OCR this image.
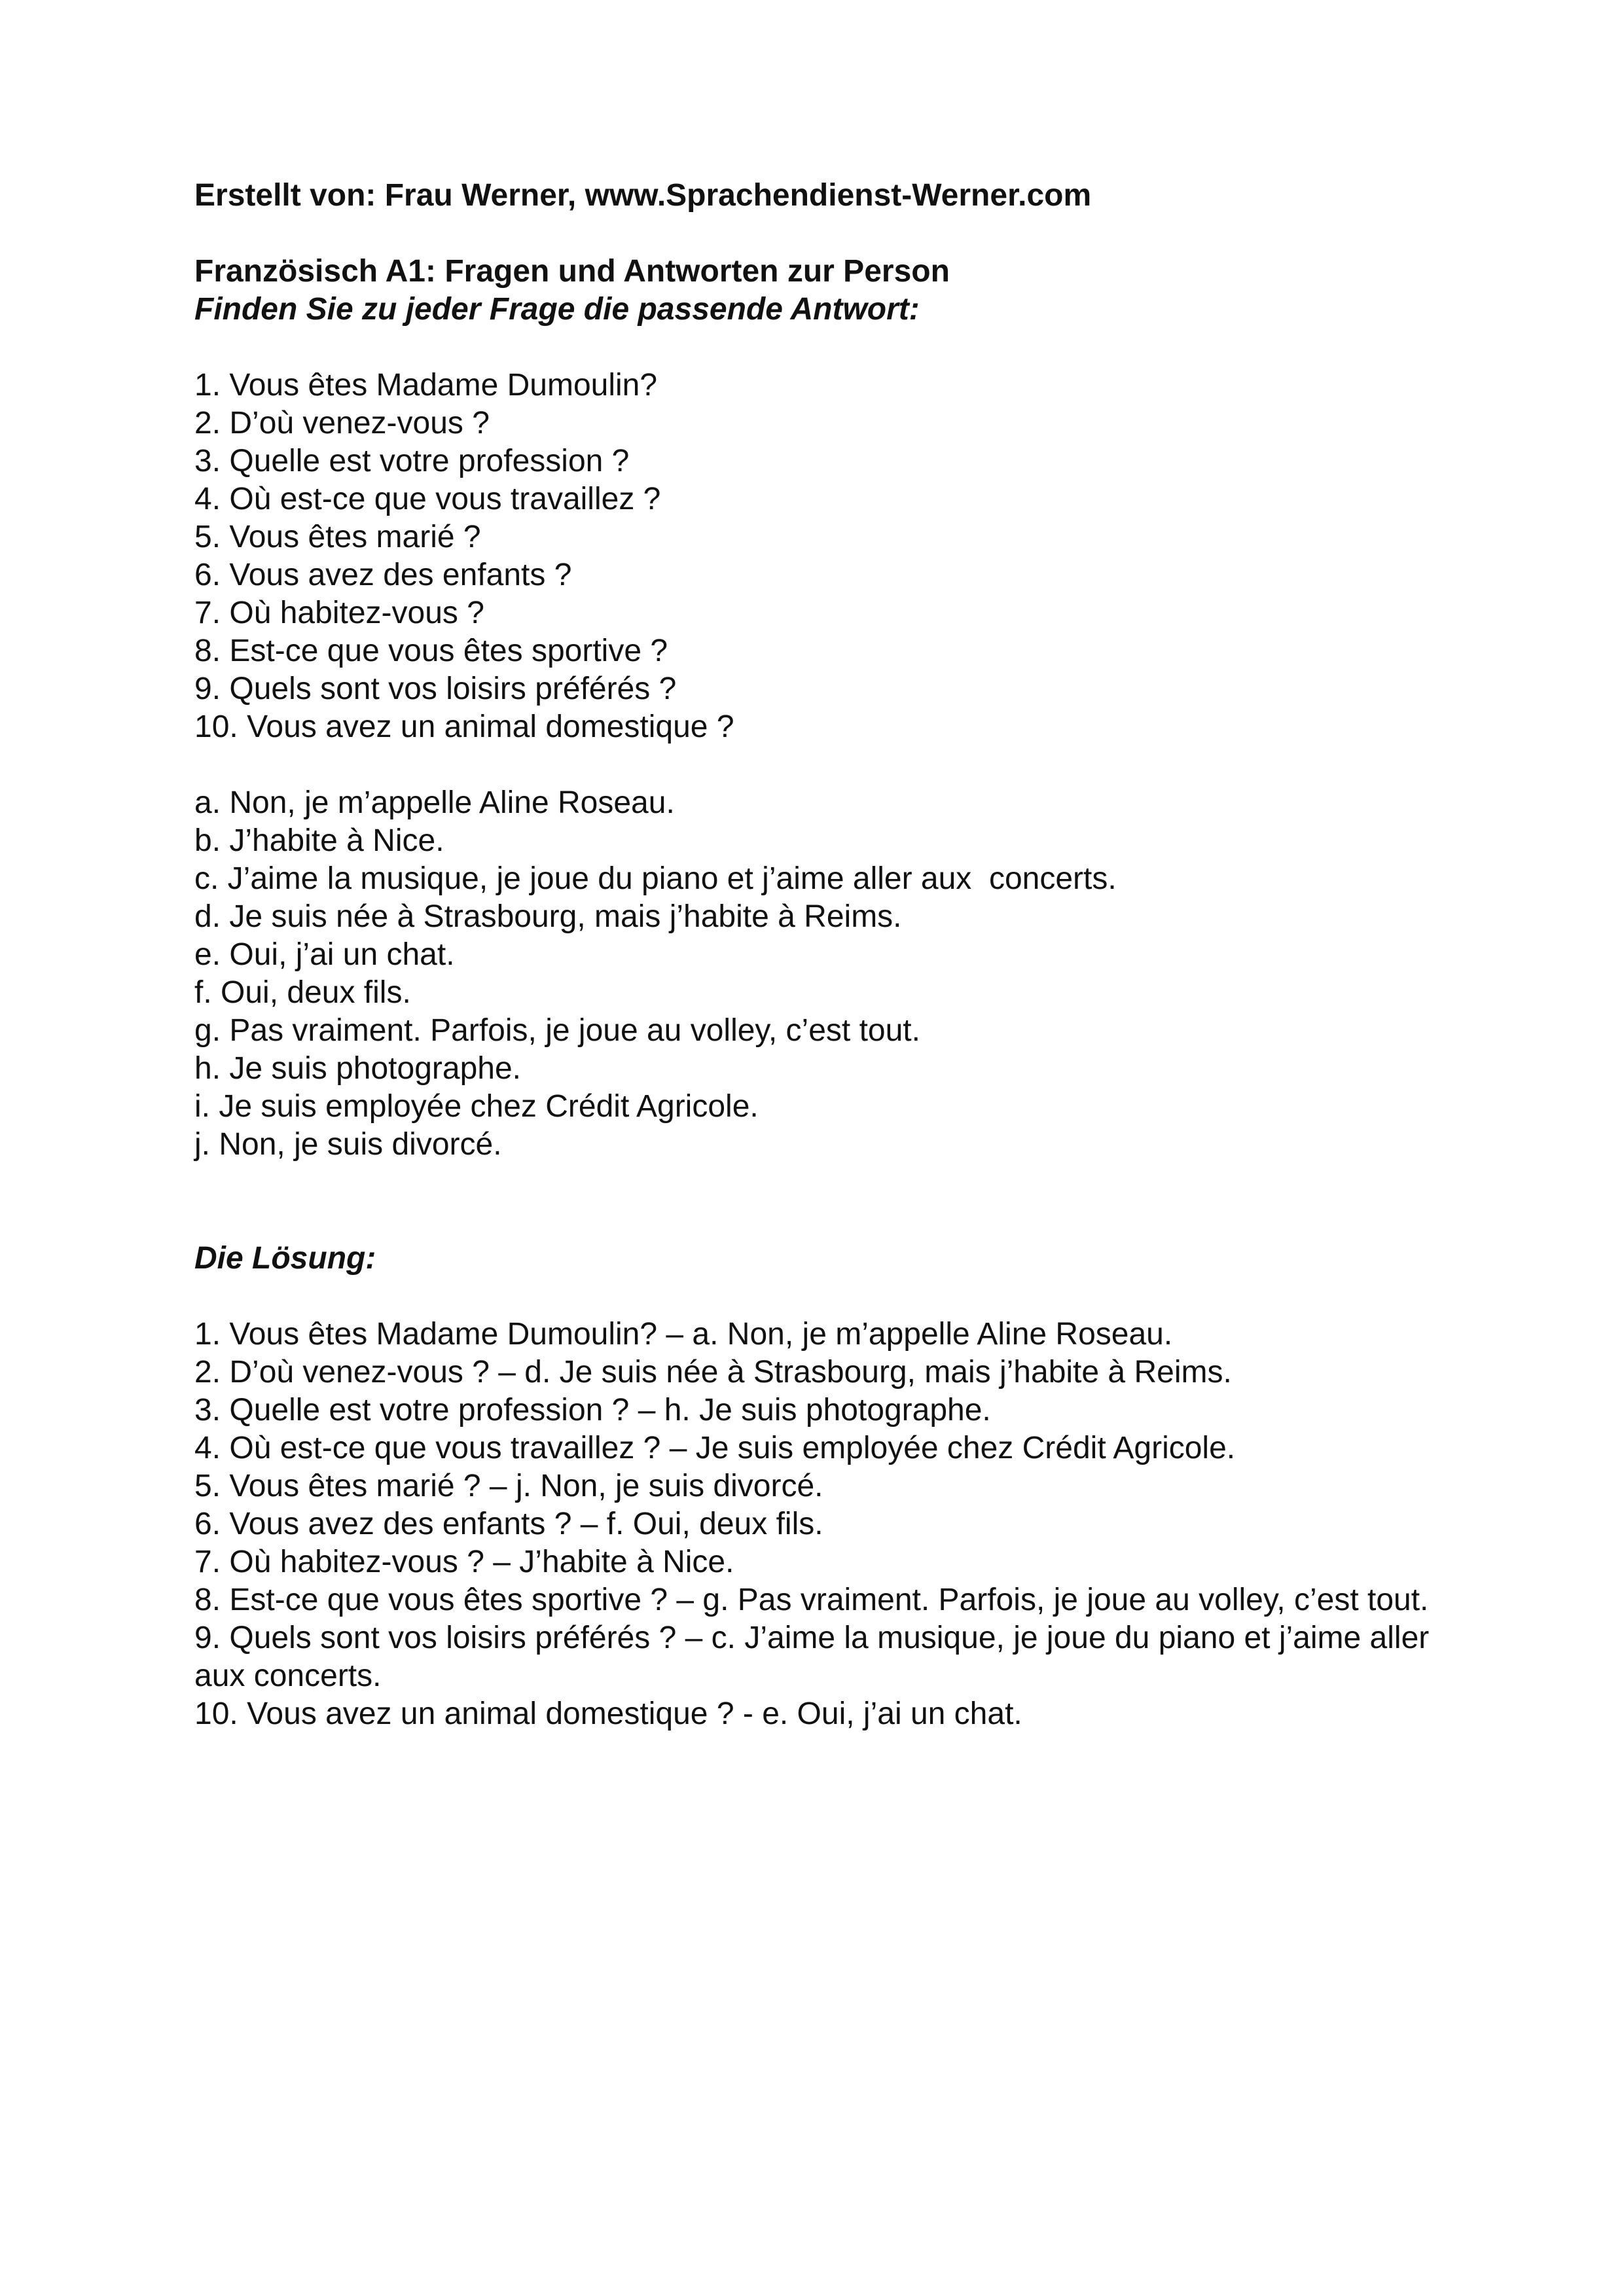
Erstellt von: Frau Werner, www.Sprachendienst-Werner.com

Französisch A1: Fragen und Antworten zur Person

Finden Sie zu jeder Frage die passende Antwort:

1. Vous êtes Madame Dumoulin?

2. D’où venez-vous ?

3. Quelle est votre profession ?

4. Où est-ce que vous travaillez ?

5. Vous êtes marié ?

6. Vous avez des enfants ?

7. Où habitez-vous ?

8. Est-ce que vous êtes sportive ?

9. Quels sont vos loisirs préférés ?

10. Vous avez un animal domestique ?

a. Non, je m’appelle Aline Roseau.

b. J’habite à Nice.

c. J’aime la musique, je joue du piano et j’aime aller aux  concerts.

d. Je suis née à Strasbourg, mais j’habite à Reims.

e. Oui, j’ai un chat.

f. Oui, deux fils.

g. Pas vraiment. Parfois, je joue au volley, c’est tout.

h. Je suis photographe.

i. Je suis employée chez Crédit Agricole.

j. Non, je suis divorcé.

Die Lösung:

1. Vous êtes Madame Dumoulin? – a. Non, je m’appelle Aline Roseau.

2. D’où venez-vous ? – d. Je suis née à Strasbourg, mais j’habite à Reims.

3. Quelle est votre profession ? – h. Je suis photographe.

4. Où est-ce que vous travaillez ? – Je suis employée chez Crédit Agricole.

5. Vous êtes marié ? – j. Non, je suis divorcé.

6. Vous avez des enfants ? – f. Oui, deux fils.

7. Où habitez-vous ? – J’habite à Nice.

8. Est-ce que vous êtes sportive ? – g. Pas vraiment. Parfois, je joue au volley, c’est tout.

9. Quels sont vos loisirs préférés ? – c. J’aime la musique, je joue du piano et j’aime aller aux concerts.

10. Vous avez un animal domestique ? - e. Oui, j’ai un chat.
